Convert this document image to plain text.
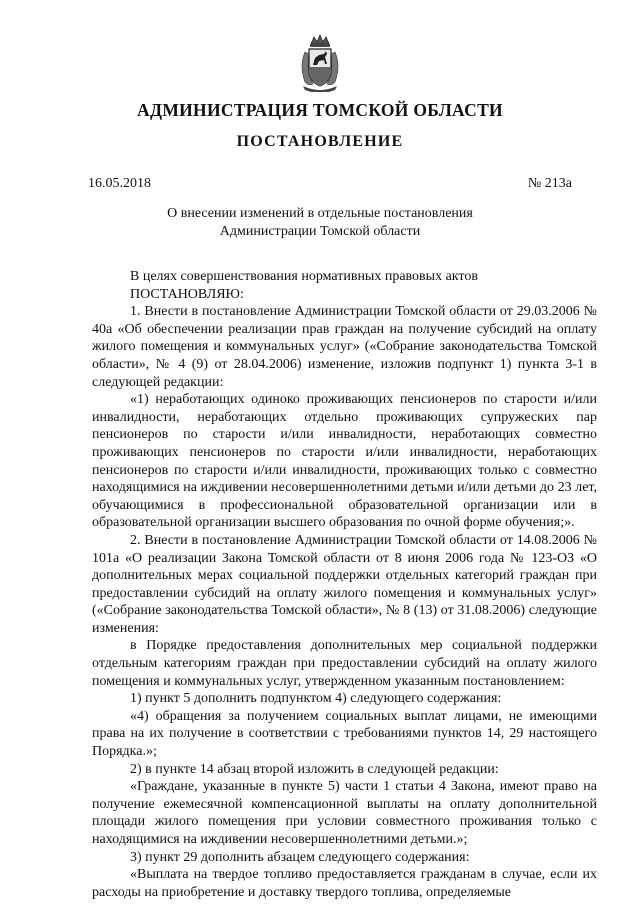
АДМИНИСТРАЦИЯ ТОМСКОЙ ОБЛАСТИ
ПОСТАНОВЛЕНИЕ
16.05.2018	№ 213а
О внесении изменений в отдельные постановления
Администрации Томской области

В целях совершенствования нормативных правовых актов

ПОСТАНОВЛЯЮ:

1. Внести в постановление Администрации Томской области от 29.03.2006 № 40а «Об обеспечении реализации прав граждан на получение субсидий на оплату жилого помещения и коммунальных услуг» («Собрание законодательства Томской области», № 4 (9) от 28.04.2006) изменение, изложив подпункт 1) пункта 3-1 в следующей редакции:

«1) неработающих одиноко проживающих пенсионеров по старости и/или инвалидности, неработающих отдельно проживающих супружеских пар пенсионеров по старости и/или инвалидности, неработающих совместно проживающих пенсионеров по старости и/или инвалидности, неработающих пенсионеров по старости и/или инвалидности, проживающих только с совместно находящимися на иждивении несовершеннолетними детьми и/или детьми до 23 лет, обучающимися в профессиональной образовательной организации или в образовательной организации высшего образования по очной форме обучения;».

2. Внести в постановление Администрации Томской области от 14.08.2006 № 101а «О реализации Закона Томской области от 8 июня 2006 года № 123-ОЗ «О дополнительных мерах социальной поддержки отдельных категорий граждан при предоставлении субсидий на оплату жилого помещения и коммунальных услуг» («Собрание законодательства Томской области», № 8 (13) от 31.08.2006) следующие изменения:

в Порядке предоставления дополнительных мер социальной поддержки отдельным категориям граждан при предоставлении субсидий на оплату жилого помещения и коммунальных услуг, утвержденном указанным постановлением:

1) пункт 5 дополнить подпунктом 4) следующего содержания:

«4) обращения за получением социальных выплат лицами, не имеющими права на их получение в соответствии с требованиями пунктов 14, 29 настоящего Порядка.»;

2) в пункте 14 абзац второй изложить в следующей редакции:

«Граждане, указанные в пункте 5) части 1 статьи 4 Закона, имеют право на получение ежемесячной компенсационной выплаты на оплату дополнительной площади жилого помещения при условии совместного проживания только с находящимися на иждивении несовершеннолетними детьми.»;

3) пункт 29 дополнить абзацем следующего содержания:

«Выплата на твердое топливо предоставляется гражданам в случае, если их расходы на приобретение и доставку твердого топлива, определяемые
